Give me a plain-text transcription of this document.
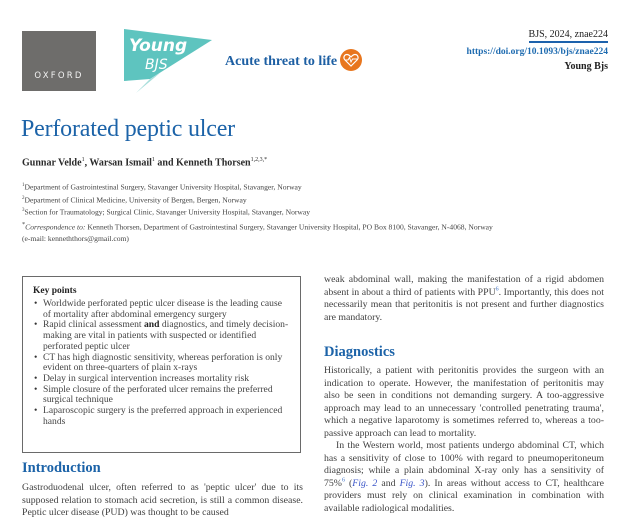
OXFORD
Young
BJS	Acute threat to life
BJS, 2024, znae224
https://doi.org/10.1093/bjs/znae224
Young Bjs
Perforated peptic ulcer
Gunnar Velde$^1$, Warsan Ismail$^1$ and Kenneth Thorsen$^{1,2,3,*}$
$^1$Department of Gastrointestinal Surgery, Stavanger University Hospital, Stavanger, Norway
$^2$Department of Clinical Medicine, University of Bergen, Bergen, Norway
$^3$Section for Traumatology; Surgical Clinic, Stavanger University Hospital, Stavanger, Norway
*Correspondence to: Kenneth Thorsen, Department of Gastrointestinal Surgery, Stavanger University Hospital, PO Box 8100, Stavanger, N-4068, Norway
(e-mail: kenneththors@gmail.com)
Key points
• Worldwide perforated peptic ulcer disease is the leading cause of mortality after abdominal emergency surgery
• Rapid clinical assessment and diagnostics, and timely decision-making are vital in patients with suspected or identified perforated peptic ulcer
• CT has high diagnostic sensitivity, whereas perforation is only evident on three-quarters of plain x-rays
• Delay in surgical intervention increases mortality risk
• Simple closure of the perforated ulcer remains the preferred surgical technique
• Laparoscopic surgery is the preferred approach in experienced hands
Introduction
Gastroduodenal ulcer, often referred to as 'peptic ulcer' due to its supposed relation to stomach acid secretion, is still a common disease. Peptic ulcer disease (PUD) was thought to be caused
weak abdominal wall, making the manifestation of a rigid abdomen absent in about a third of patients with PPU$^6$. Importantly, this does not necessarily mean that peritonitis is not present and further diagnostics are mandatory.
Diagnostics
Historically, a patient with peritonitis provides the surgeon with an indication to operate. However, the manifestation of peritonitis may also be seen in conditions not demanding surgery. A too-aggressive approach may lead to an unnecessary 'controlled penetrating trauma', which a negative laparotomy is sometimes referred to, whereas a too-passive approach can lead to mortality.
In the Western world, most patients undergo abdominal CT, which has a sensitivity of close to 100% with regard to pneumoperitoneum diagnosis; while a plain abdominal X-ray only has a sensitivity of 75%$^6$ (Fig. 2 and Fig. 3). In areas without access to CT, healthcare providers must rely on clinical examination in combination with available radiological modalities.
